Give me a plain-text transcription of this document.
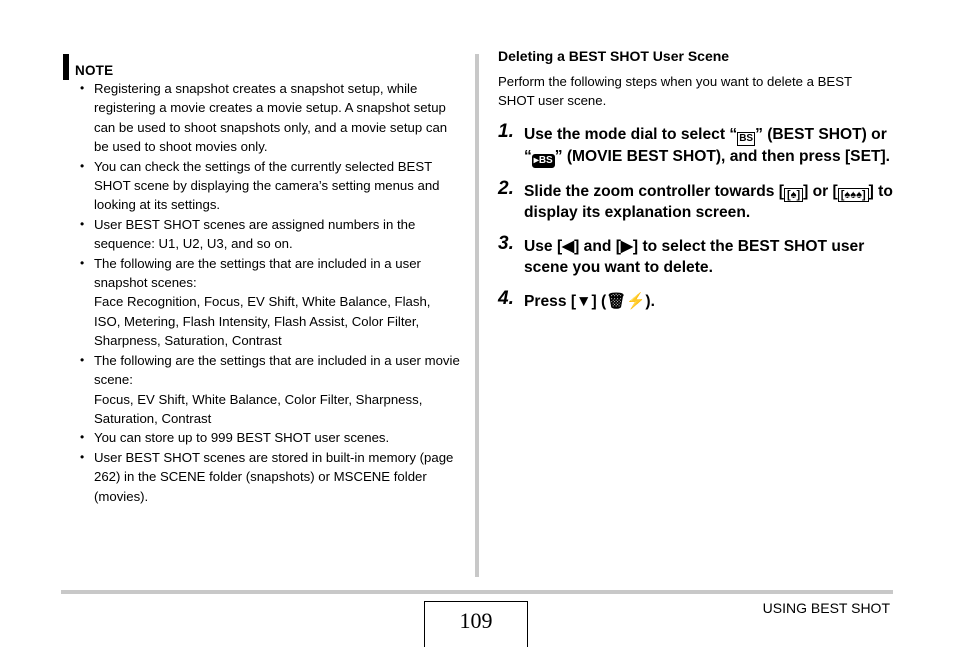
NOTE
• Registering a snapshot creates a snapshot setup, while registering a movie creates a movie setup. A snapshot setup can be used to shoot snapshots only, and a movie setup can be used to shoot movies only.
• You can check the settings of the currently selected BEST SHOT scene by displaying the camera’s setting menus and looking at its settings.
• User BEST SHOT scenes are assigned numbers in the sequence: U1, U2, U3, and so on.
• The following are the settings that are included in a user snapshot scenes:
Face Recognition, Focus, EV Shift, White Balance, Flash, ISO, Metering, Flash Intensity, Flash Assist, Color Filter, Sharpness, Saturation, Contrast
• The following are the settings that are included in a user movie scene:
Focus, EV Shift, White Balance, Color Filter, Sharpness, Saturation, Contrast
• You can store up to 999 BEST SHOT user scenes.
• User BEST SHOT scenes are stored in built-in memory (page 262) in the SCENE folder (snapshots) or MSCENE folder (movies).
Deleting a BEST SHOT User Scene
Perform the following steps when you want to delete a BEST SHOT user scene.
1. Use the mode dial to select “ BS ” (BEST SHOT) or “ ▸BS ” (MOVIE BEST SHOT), and then press [SET].
2. Slide the zoom controller towards [ [♠] ] or [ [♠♠♠] ] to display its explanation screen.
3. Use [◀] and [▶] to select the BEST SHOT user scene you want to delete.
4. Press [▼] (🗑⚡).
109	USING BEST SHOT
